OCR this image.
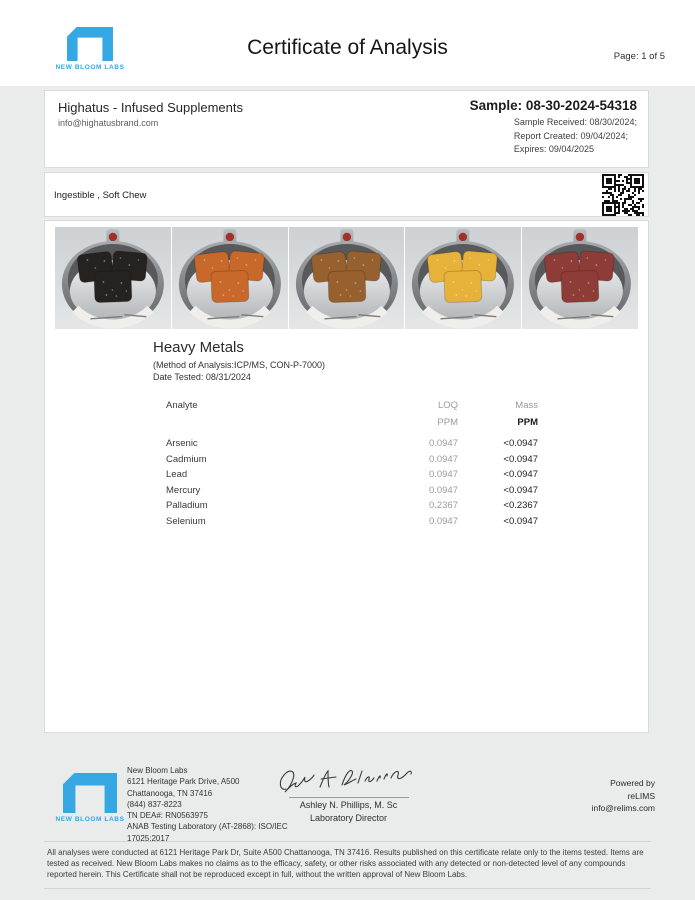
NEW BLOOM LABS
Certificate of Analysis	Page: 1 of 5
Highatus - Infused Supplements
info@highatusbrand.com
Sample: 08-30-2024-54318
Sample Received: 08/30/2024;
Report Created: 09/04/2024;
Expires: 09/04/2025
Ingestible , Soft Chew
Heavy Metals
(Method of Analysis:ICP/MS, CON-P-7000)
Date Tested: 08/31/2024
Analyte	LOQ	Mass
PPM	PPM
Arsenic	0.0947	<0.0947
Cadmium	0.0947	<0.0947
Lead	0.0947	<0.0947
Mercury	0.0947	<0.0947
Palladium	0.2367	<0.2367
Selenium	0.0947	<0.0947
NEW BLOOM LABS
New Bloom Labs
6121 Heritage Park Drive, A500
Chattanooga, TN 37416
(844) 837-8223
TN DEA#: RN0563975
ANAB Testing Laboratory (AT-2868): ISO/IEC
17025:2017
Ashley N. Phillips, M. Sc
Laboratory Director
Powered by
reLIMS
info@relims.com
All analyses were conducted at 6121 Heritage Park Dr, Suite A500 Chattanooga, TN 37416. Results published on this certificate relate only to the items tested. Items are tested as received. New Bloom Labs makes no claims as to the efficacy, safety, or other risks associated with any detected or non-detected level of any compounds reported herein. This Certificate shall not be reproduced except in full, without the written approval of New Bloom Labs.
